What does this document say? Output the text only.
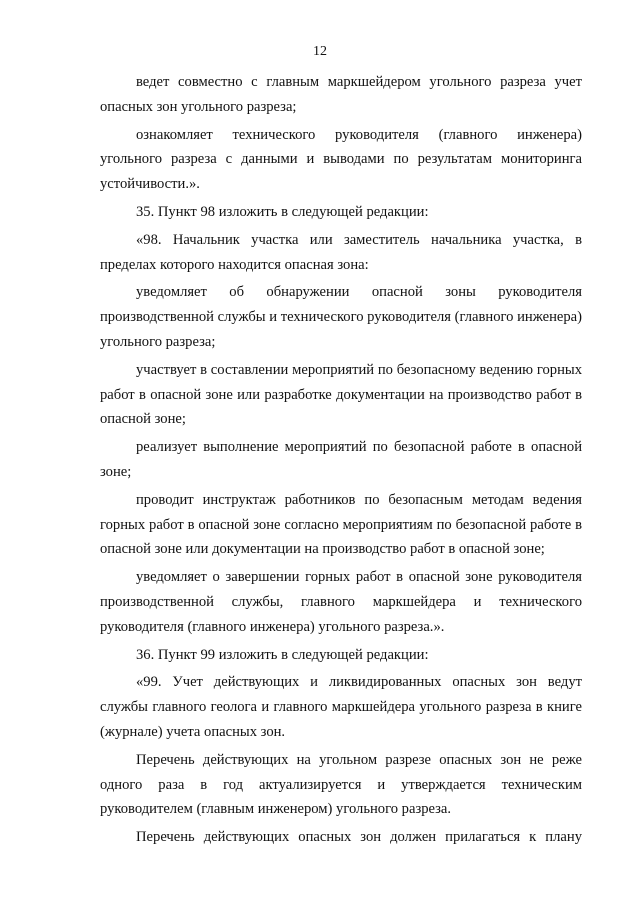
12

ведет совместно с главным маркшейдером угольного разреза учет опасных зон угольного разреза;

ознакомляет технического руководителя (главного инженера) угольного разреза с данными и выводами по результатам мониторинга устойчивости.».

35. Пункт 98 изложить в следующей редакции:

«98. Начальник участка или заместитель начальника участка, в пределах которого находится опасная зона:

уведомляет об обнаружении опасной зоны руководителя производственной службы и технического руководителя (главного инженера) угольного разреза;

участвует в составлении мероприятий по безопасному ведению горных работ в опасной зоне или разработке документации на производство работ в опасной зоне;

реализует выполнение мероприятий по безопасной работе в опасной зоне;

проводит инструктаж работников по безопасным методам ведения горных работ в опасной зоне согласно мероприятиям по безопасной работе в опасной зоне или документации на производство работ в опасной зоне;

уведомляет о завершении горных работ в опасной зоне руководителя производственной службы, главного маркшейдера и технического руководителя (главного инженера) угольного разреза.».

36. Пункт 99 изложить в следующей редакции:

«99. Учет действующих и ликвидированных опасных зон ведут службы главного геолога и главного маркшейдера угольного разреза в книге (журнале) учета опасных зон.

Перечень действующих на угольном разрезе опасных зон не реже одного раза в год актуализируется и утверждается техническим руководителем (главным инженером) угольного разреза.

Перечень действующих опасных зон должен прилагаться к плану
